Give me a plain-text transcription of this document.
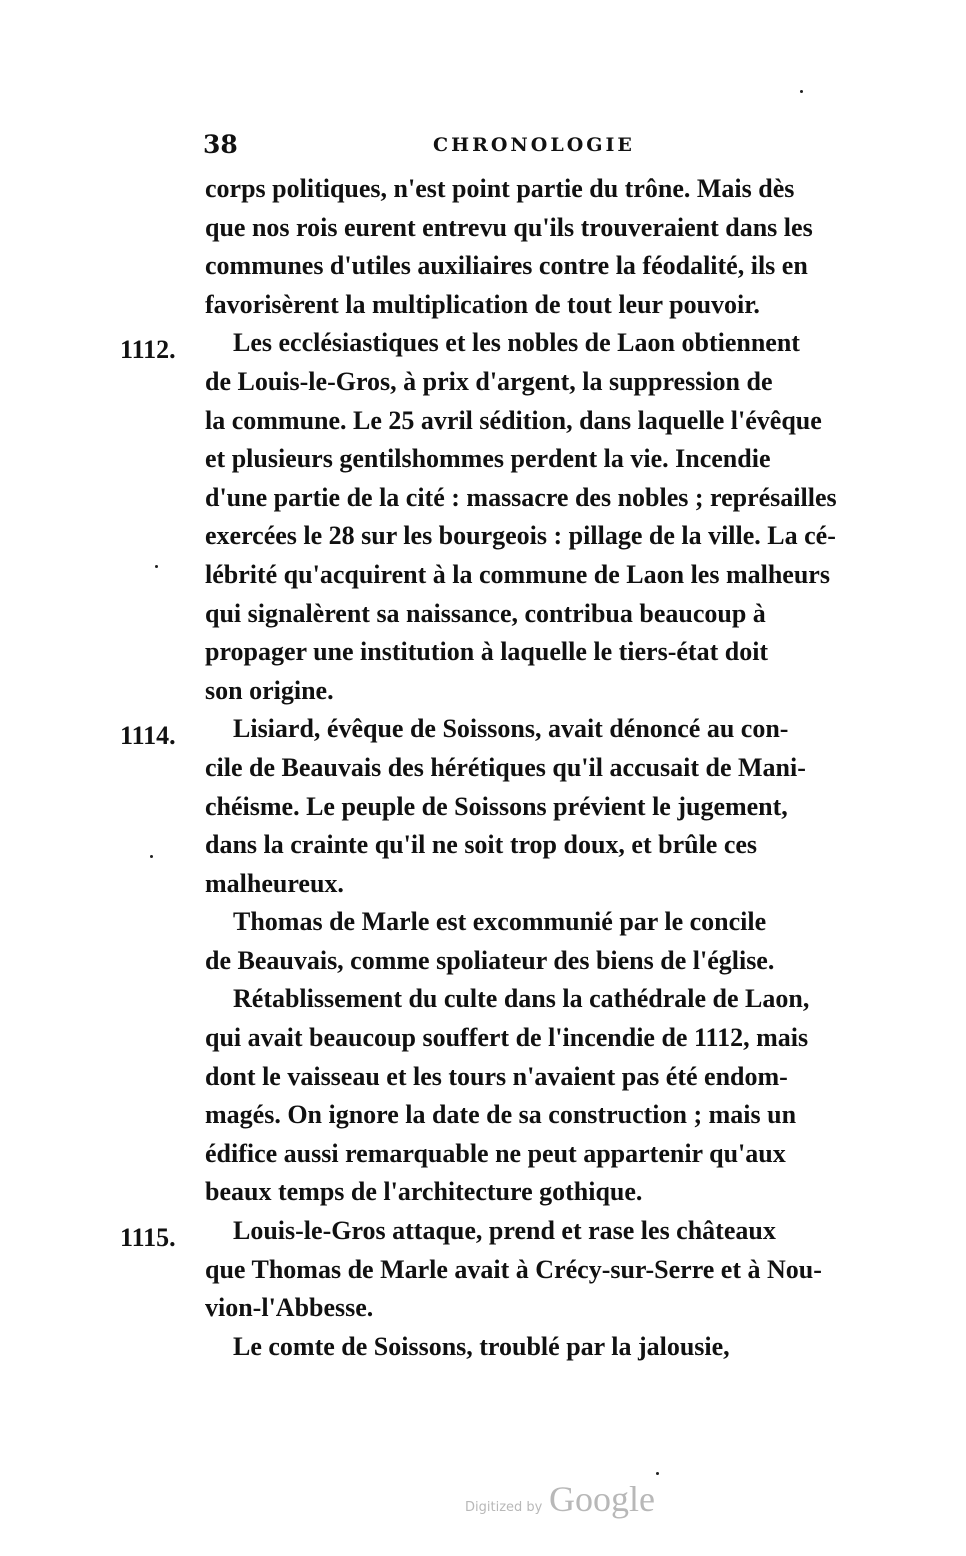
38	CHRONOLOGIE
1112.
1114.
1115.
corps politiques, n'est point partie du trône. Mais dès
que nos rois eurent entrevu qu'ils trouveraient dans les
communes d'utiles auxiliaires contre la féodalité, ils en
favorisèrent la multiplication de tout leur pouvoir.
Les ecclésiastiques et les nobles de Laon obtiennent
de Louis-le-Gros, à prix d'argent, la suppression de
la commune. Le 25 avril sédition, dans laquelle l'évêque
et plusieurs gentilshommes perdent la vie. Incendie
d'une partie de la cité : massacre des nobles ; représailles
exercées le 28 sur les bourgeois : pillage de la ville. La cé-
lébrité qu'acquirent à la commune de Laon les malheurs
qui signalèrent sa naissance, contribua beaucoup à
propager une institution à laquelle le tiers-état doit
son origine.
Lisiard, évêque de Soissons, avait dénoncé au con-
cile de Beauvais des hérétiques qu'il accusait de Mani-
chéisme. Le peuple de Soissons prévient le jugement,
dans la crainte qu'il ne soit trop doux, et brûle ces
malheureux.
Thomas de Marle est excommunié par le concile
de Beauvais, comme spoliateur des biens de l'église.
Rétablissement du culte dans la cathédrale de Laon,
qui avait beaucoup souffert de l'incendie de 1112, mais
dont le vaisseau et les tours n'avaient pas été endom-
magés. On ignore la date de sa construction ; mais un
édifice aussi remarquable ne peut appartenir qu'aux
beaux temps de l'architecture gothique.
Louis-le-Gros attaque, prend et rase les châteaux
que Thomas de Marle avait à Crécy-sur-Serre et à Nou-
vion-l'Abbesse.
Le comte de Soissons, troublé par la jalousie,
Digitized by Google
